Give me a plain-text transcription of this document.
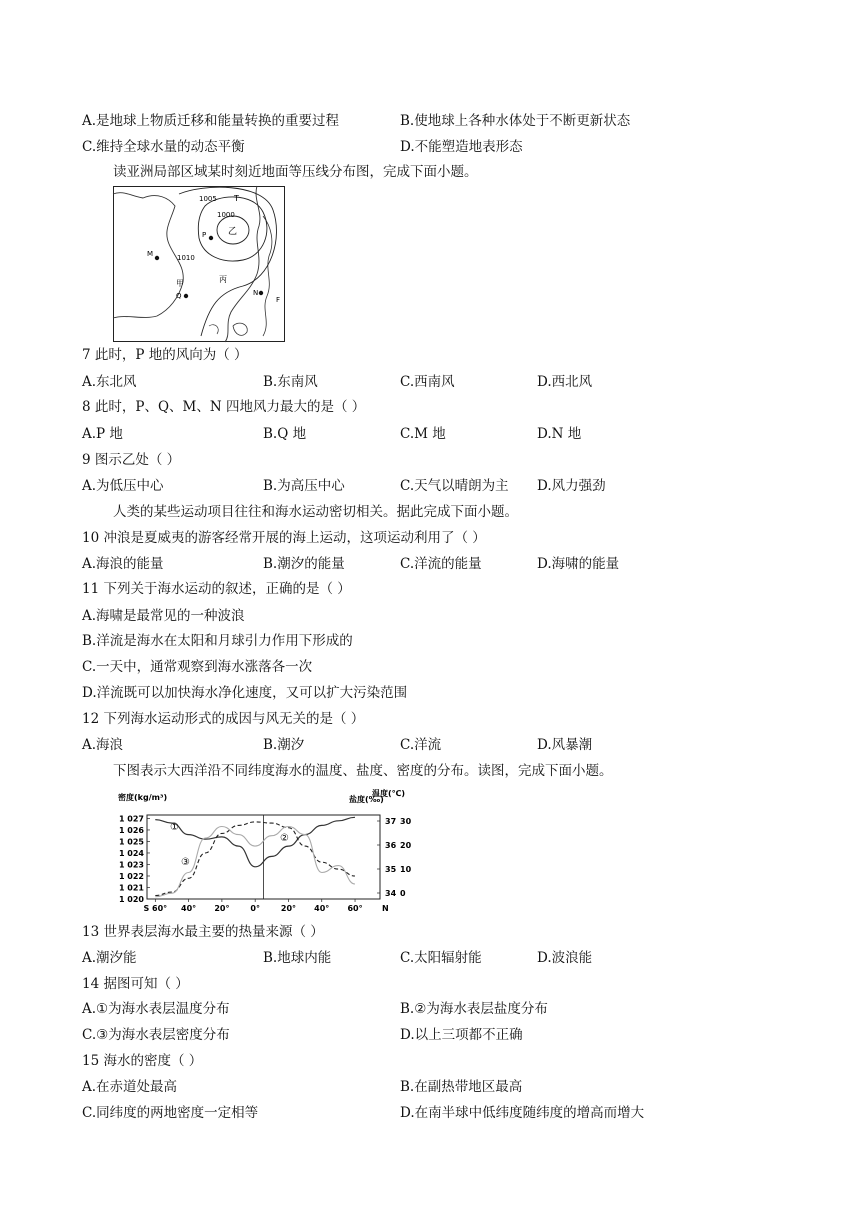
A.是地球上物质迁移和能量转换的重要过程	B.使地球上各种水体处于不断更新状态
C.维持全球水量的动态平衡	D.不能塑造地表形态
读亚洲局部区域某时刻近地面等压线分布图，完成下面小题。
1005
1000
1010
T
乙
P
M
甲
Q
丙
N
F
7 此时，P 地的风向为（ ）
A.东北风	B.东南风	C.西南风	D.西北风
8 此时，P、Q、M、N 四地风力最大的是（ ）
A.P 地	B.Q 地	C.M 地	D.N 地
9 图示乙处（ ）
A.为低压中心	B.为高压中心	C.天气以晴朗为主 D.风力强劲
人类的某些运动项目往往和海水运动密切相关。据此完成下面小题。
10 冲浪是夏威夷的游客经常开展的海上运动，这项运动利用了（ ）
A.海浪的能量	B.潮汐的能量	C.洋流的能量	D.海啸的能量
11 下列关于海水运动的叙述，正确的是（ ）
A.海啸是最常见的一种波浪
B.洋流是海水在太阳和月球引力作用下形成的
C.一天中，通常观察到海水涨落各一次
D.洋流既可以加快海水净化速度，又可以扩大污染范围
12 下列海水运动形式的成因与风无关的是（ ）
A.海浪	B.潮汐	C.洋流	D.风暴潮
下图表示大西洋沿不同纬度海水的温度、盐度、密度的分布。读图，完成下面小题。
密度(kg/m³)	盐度(‰)
温度(℃)
1 027
1 026
1 025
1 024
1 023
1 022
1 021
1 020
37
36
35
34
30
20
10
0
S 60° 40° 20°	0°	20° 40° 60° N
①
②
③
13 世界表层海水最主要的热量来源（ ）
A.潮汐能	B.地球内能	C.太阳辐射能	D.波浪能
14 据图可知（ ）
A.①为海水表层温度分布	B.②为海水表层盐度分布
C.③为海水表层密度分布	D.以上三项都不正确
15 海水的密度（ ）
A.在赤道处最高	B.在副热带地区最高
C.同纬度的两地密度一定相等	D.在南半球中低纬度随纬度的增高而增大
